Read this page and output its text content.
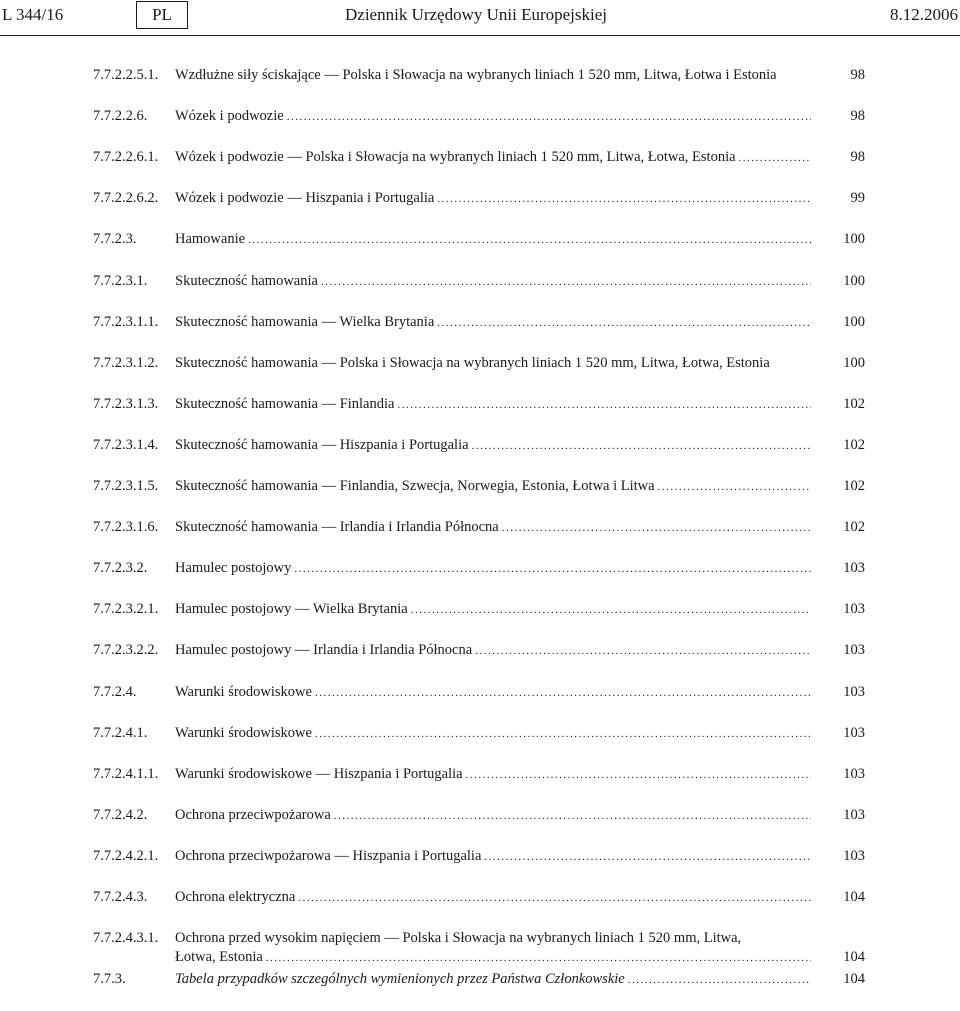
L 344/16	PL	Dziennik Urzędowy Unii Europejskiej	8.12.2006
7.7.2.2.5.1. Wzdłużne siły ściskające — Polska i Słowacja na wybranych liniach 1 520 mm, Litwa, Łotwa i Estonia	98
7.7.2.2.6. Wózek i podwozie .....	98
7.7.2.2.6.1. Wózek i podwozie — Polska i Słowacja na wybranych liniach 1 520 mm, Litwa, Łotwa, Estonia .....	98
7.7.2.2.6.2. Wózek i podwozie — Hiszpania i Portugalia .....	99
7.7.2.3.	Hamowanie .....	100
7.7.2.3.1. Skuteczność hamowania .....	100
7.7.2.3.1.1. Skuteczność hamowania — Wielka Brytania .....	100
7.7.2.3.1.2. Skuteczność hamowania — Polska i Słowacja na wybranych liniach 1 520 mm, Litwa, Łotwa, Estonia	100
7.7.2.3.1.3. Skuteczność hamowania — Finlandia .....	102
7.7.2.3.1.4. Skuteczność hamowania — Hiszpania i Portugalia .....	102
7.7.2.3.1.5. Skuteczność hamowania — Finlandia, Szwecja, Norwegia, Estonia, Łotwa i Litwa .....	102
7.7.2.3.1.6. Skuteczność hamowania — Irlandia i Irlandia Północna .....	102
7.7.2.3.2. Hamulec postojowy .....	103
7.7.2.3.2.1. Hamulec postojowy — Wielka Brytania .....	103
7.7.2.3.2.2. Hamulec postojowy — Irlandia i Irlandia Północna .....	103
7.7.2.4.	Warunki środowiskowe .....	103
7.7.2.4.1. Warunki środowiskowe .....	103
7.7.2.4.1.1. Warunki środowiskowe — Hiszpania i Portugalia .....	103
7.7.2.4.2. Ochrona przeciwpożarowa .....	103
7.7.2.4.2.1. Ochrona przeciwpożarowa — Hiszpania i Portugalia .....	103
7.7.2.4.3. Ochrona elektryczna .....	104
7.7.2.4.3.1. Ochrona przed wysokim napięciem — Polska i Słowacja na wybranych liniach 1 520 mm, Litwa,
Łotwa, Estonia .....	104
7.7.3.	Tabela przypadków szczególnych wymienionych przez Państwa Członkowskie .....	104
